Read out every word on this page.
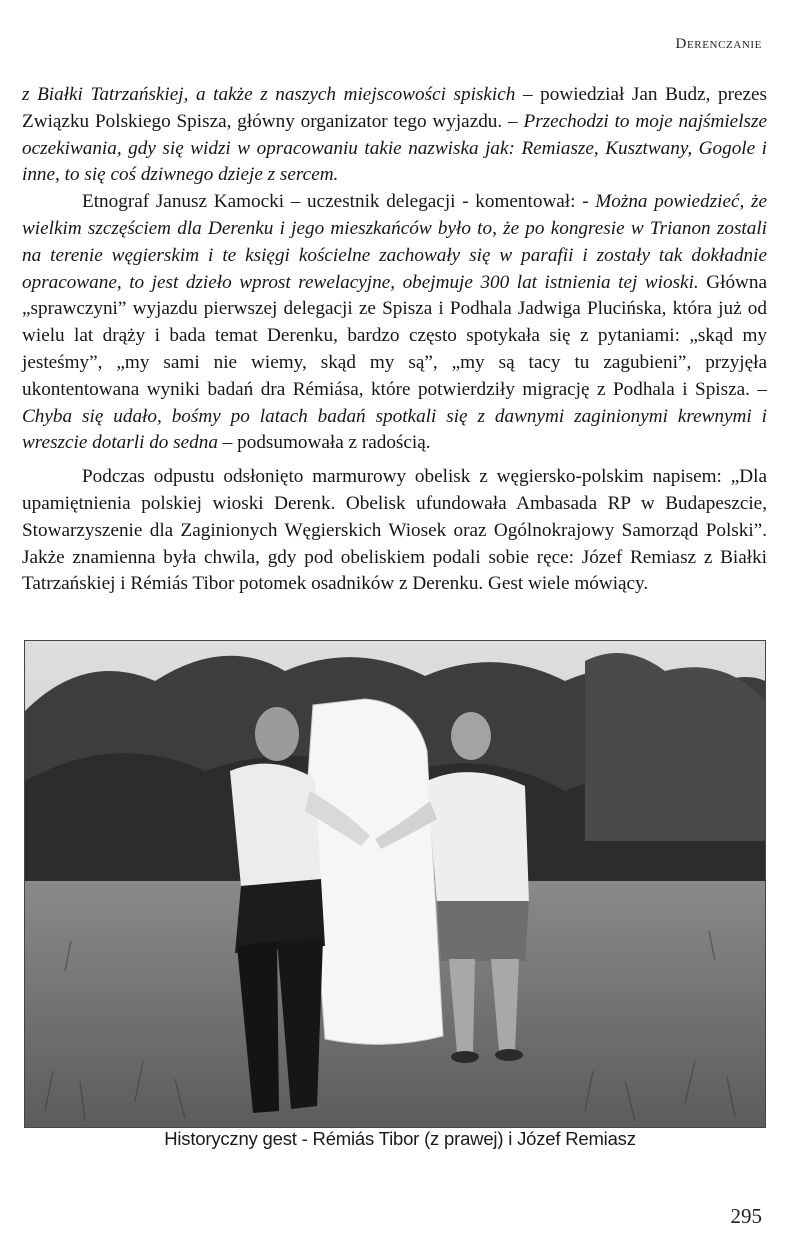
Derenczanie

z Białki Tatrzańskiej, a także z naszych miejscowości spiskich – powiedział Jan Budz, prezes Związku Polskiego Spisza, główny organizator tego wyjazdu. – Przechodzi to moje najśmielsze oczekiwania, gdy się widzi w opracowaniu takie nazwiska jak: Remiasze, Kusztwany, Gogole i inne, to się coś dziwnego dzieje z sercem.

Etnograf Janusz Kamocki – uczestnik delegacji - komentował: - Można powiedzieć, że wielkim szczęściem dla Derenku i jego mieszkańców było to, że po kongresie w Trianon zostali na terenie węgierskim i te księgi kościelne zachowały się w parafii i zostały tak dokładnie opracowane, to jest dzieło wprost rewelacyjne, obejmuje 300 lat istnienia tej wioski. Główna „sprawczyni” wyjazdu pierwszej delegacji ze Spisza i Podhala Jadwiga Plucińska, która już od wielu lat drąży i bada temat Derenku, bardzo często spotykała się z pytaniami: „skąd my jesteśmy”, „my sami nie wiemy, skąd my są”, „my są tacy tu zagubieni”, przyjęła ukontentowana wyniki badań dra Rémiása, które potwierdziły migrację z Podhala i Spisza. – Chyba się udało, bośmy po latach badań spotkali się z dawnymi zaginionymi krewnymi i wreszcie dotarli do sedna – podsumowała z radością.

Podczas odpustu odsłonięto marmurowy obelisk z węgiersko-polskim napisem: „Dla upamiętnienia polskiej wioski Derenk. Obelisk ufundowała Ambasada RP w Budapeszcie, Stowarzyszenie dla Zaginionych Węgierskich Wiosek oraz Ogólnokrajowy Samorząd Polski”. Jakże znamienna była chwila, gdy pod obeliskiem podali sobie ręce: Józef Remiasz z Białki Tatrzańskiej i Rémiás Tibor potomek osadników z Derenku. Gest wiele mówiący.

Historyczny gest - Rémiás Tibor (z prawej) i Józef Remiasz
295
